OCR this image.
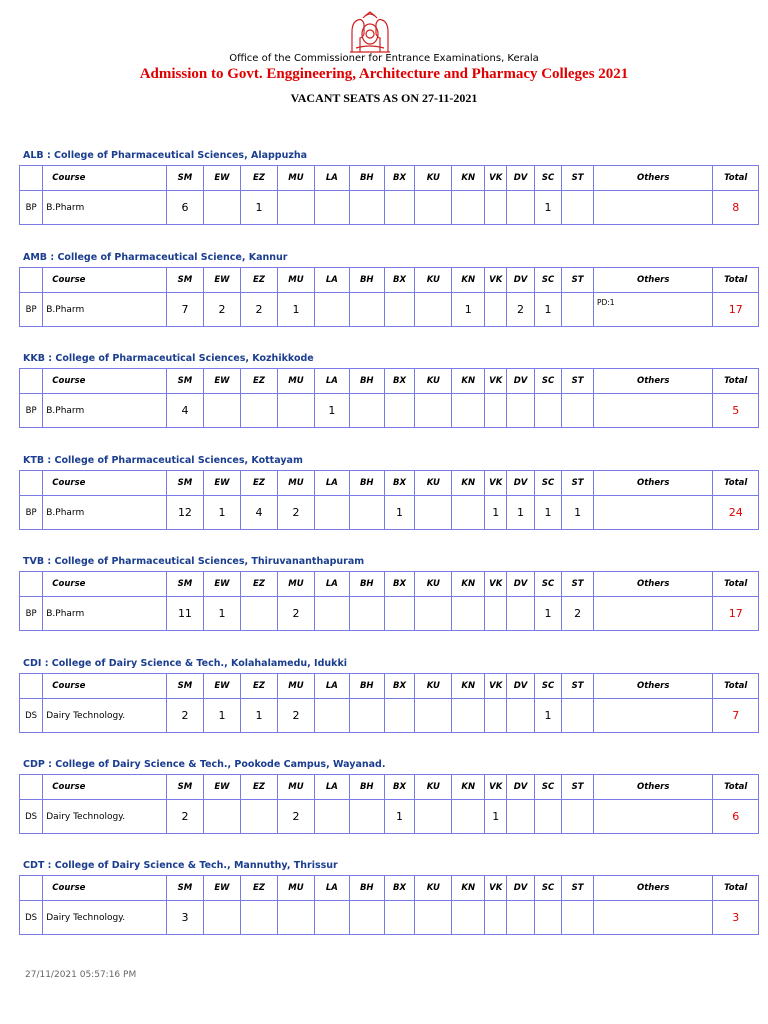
Office of the Commissioner for Entrance Examinations, Kerala
Admission to Govt. Enggineering, Architecture and Pharmacy Colleges 2021
VACANT SEATS AS ON 27-11-2021
ALB : College of Pharmaceutical Sciences, Alappuzha
	Course	SM	EW	EZ	MU	LA	BH	BX	KU	KN	VK	DV	SC	ST	Others	Total
BP	B.Pharm	6		1									1			8
AMB : College of Pharmaceutical Science, Kannur
	Course	SM	EW	EZ	MU	LA	BH	BX	KU	KN	VK	DV	SC	ST	Others	Total
BP	B.Pharm	7	2	2	1					1		2	1		PD:1	17
KKB : College of Pharmaceutical Sciences, Kozhikkode
	Course	SM	EW	EZ	MU	LA	BH	BX	KU	KN	VK	DV	SC	ST	Others	Total
BP	B.Pharm	4				1										5
KTB : College of Pharmaceutical Sciences, Kottayam
	Course	SM	EW	EZ	MU	LA	BH	BX	KU	KN	VK	DV	SC	ST	Others	Total
BP	B.Pharm	12	1	4	2			1			1	1	1	1		24
TVB : College of Pharmaceutical Sciences, Thiruvananthapuram
	Course	SM	EW	EZ	MU	LA	BH	BX	KU	KN	VK	DV	SC	ST	Others	Total
BP	B.Pharm	11	1		2								1	2		17
CDI : College of Dairy Science & Tech., Kolahalamedu, Idukki
	Course	SM	EW	EZ	MU	LA	BH	BX	KU	KN	VK	DV	SC	ST	Others	Total
DS	Dairy Technology.	2	1	1	2								1			7
CDP : College of Dairy Science & Tech., Pookode Campus, Wayanad.
	Course	SM	EW	EZ	MU	LA	BH	BX	KU	KN	VK	DV	SC	ST	Others	Total
DS	Dairy Technology.	2			2			1			1					6
CDT : College of Dairy Science & Tech., Mannuthy, Thrissur
	Course	SM	EW	EZ	MU	LA	BH	BX	KU	KN	VK	DV	SC	ST	Others	Total
DS	Dairy Technology.	3														3
27/11/2021 05:57:16 PM
